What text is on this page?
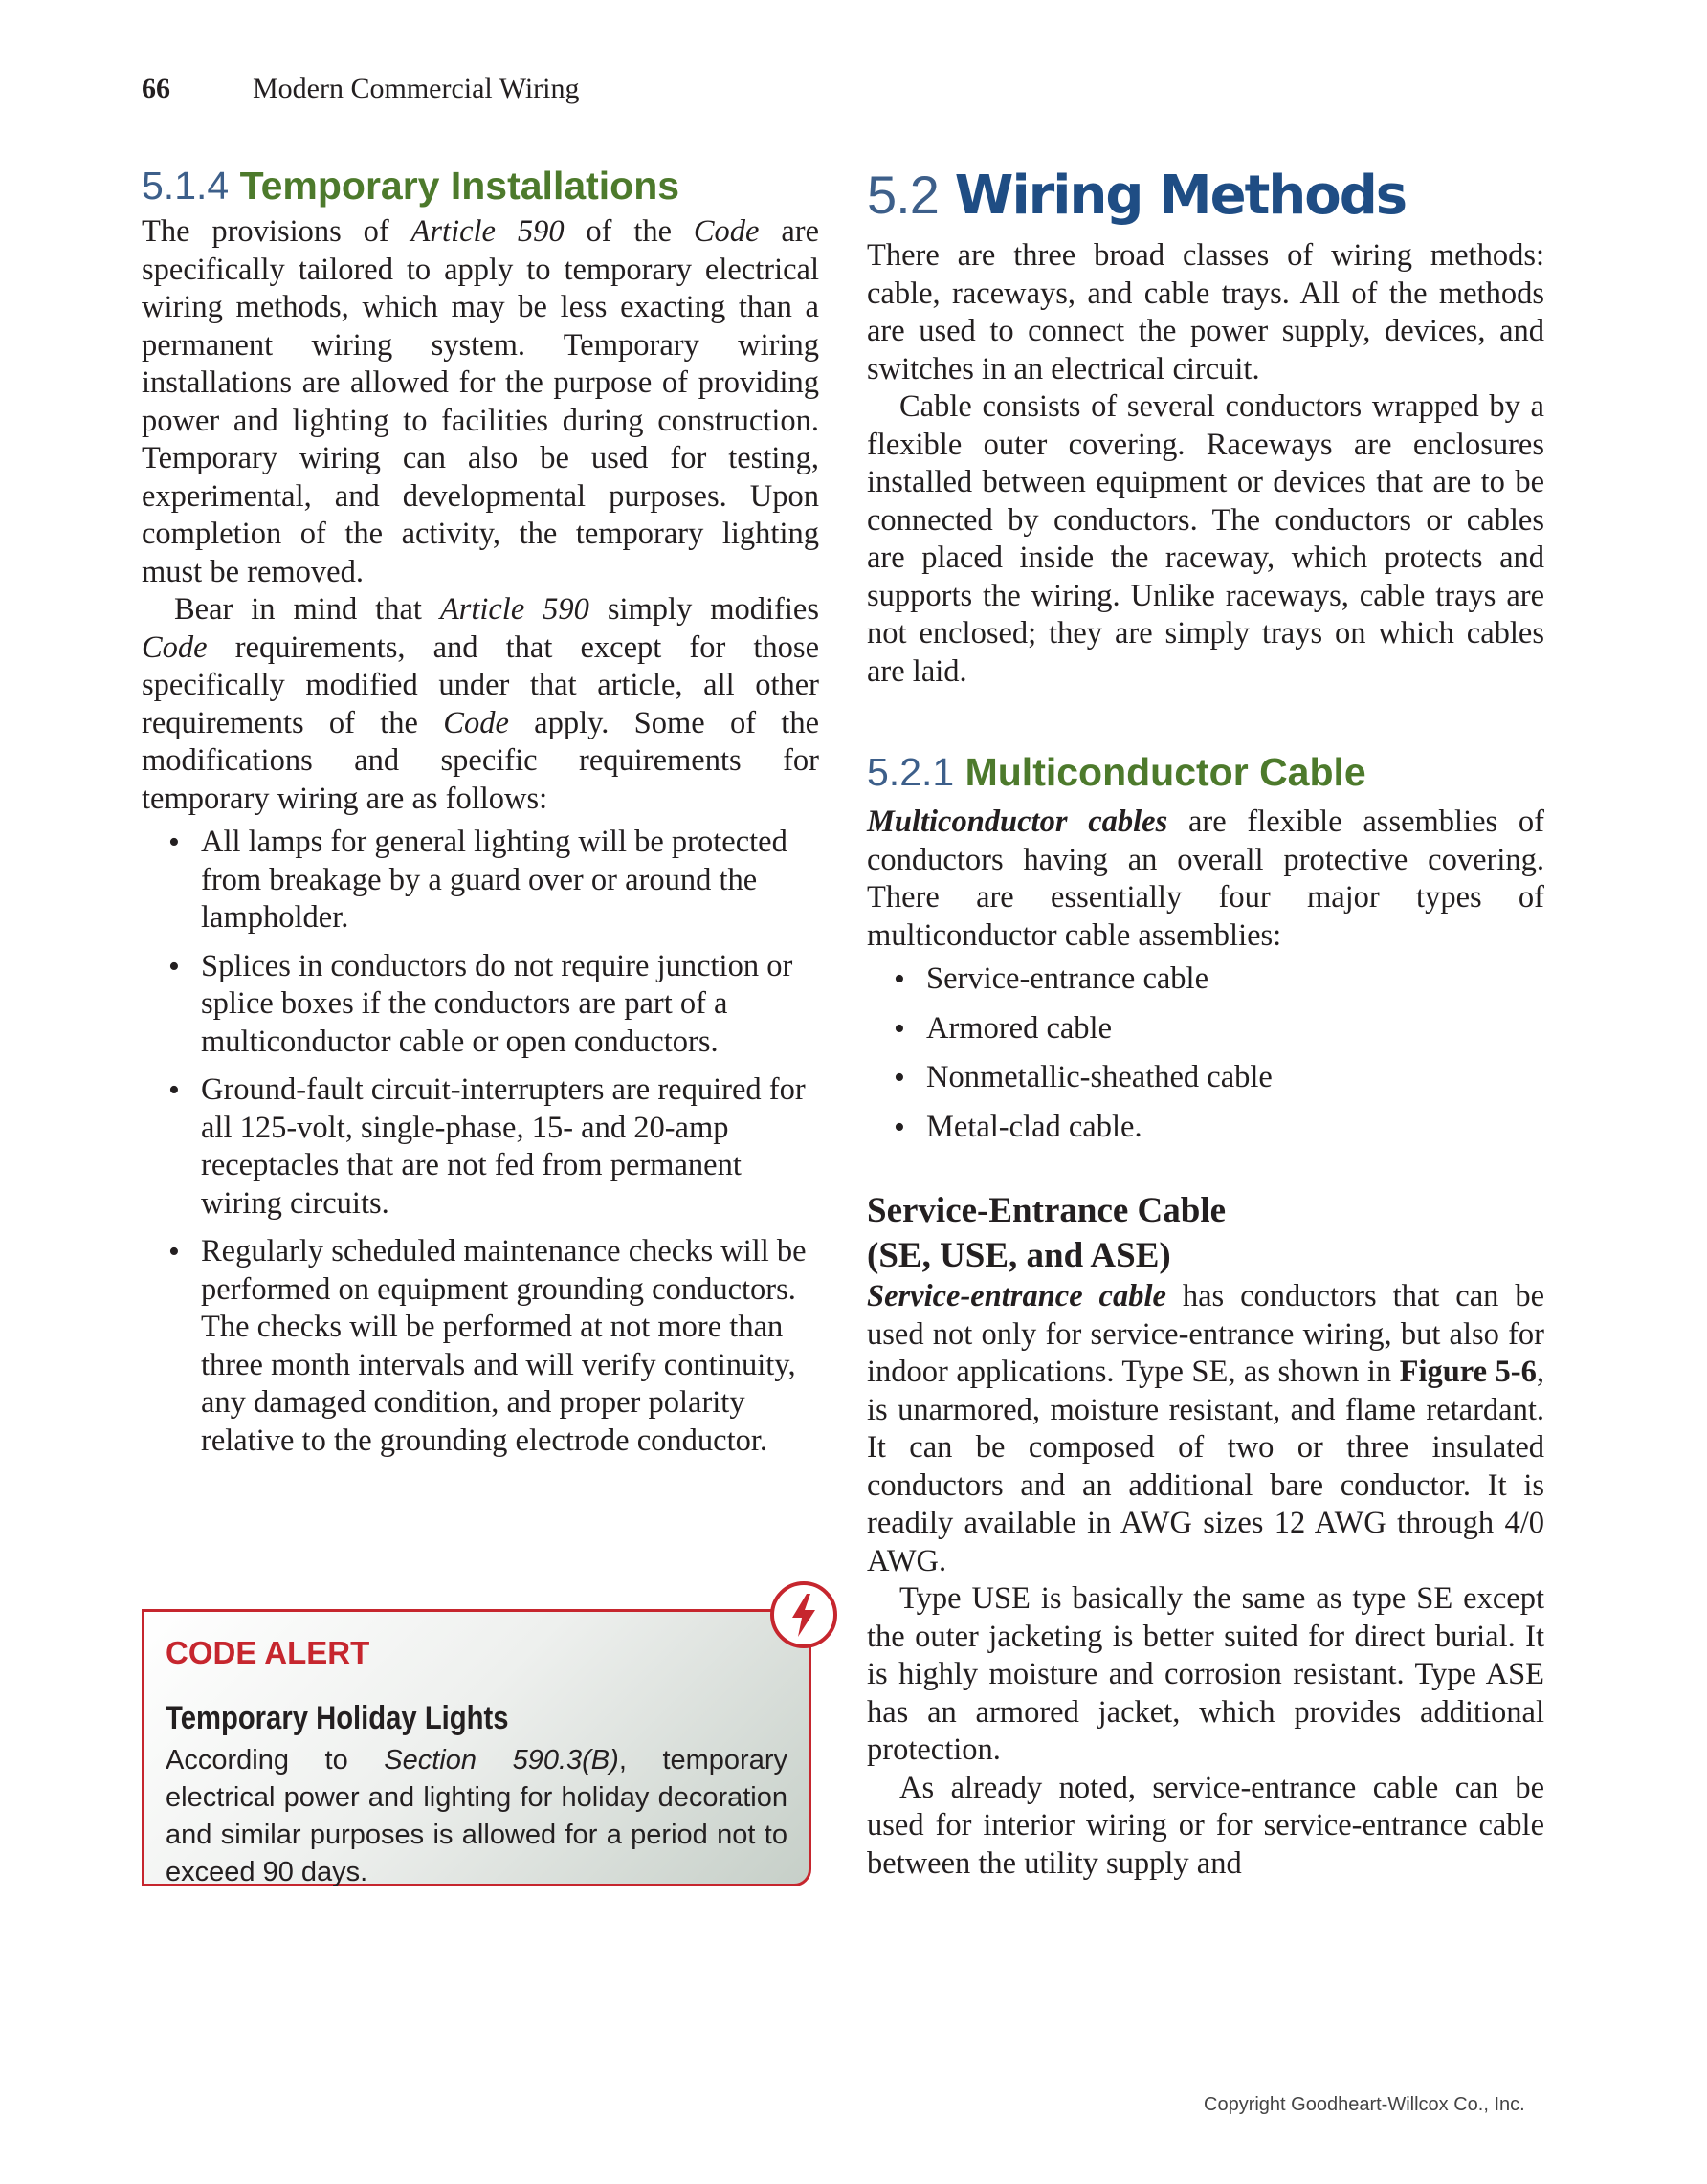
66	Modern Commercial Wiring
5.1.4 Temporary Installations

The provisions of Article 590 of the Code are specifically tailored to apply to temporary electrical wiring methods, which may be less exacting than a permanent wiring system. Temporary wiring installations are allowed for the purpose of providing power and lighting to facilities during construction. Temporary wiring can also be used for testing, experimental, and developmental purposes. Upon completion of the activity, the temporary lighting must be removed.

Bear in mind that Article 590 simply modifies Code requirements, and that except for those specifically modified under that article, all other requirements of the Code apply. Some of the modifications and specific requirements for temporary wiring are as follows:

• All lamps for general lighting will be protected from breakage by a guard over or around the lampholder.
• Splices in conductors do not require junction or splice boxes if the conductors are part of a multiconductor cable or open conductors.
• Ground-fault circuit-interrupters are required for all 125-volt, single-phase, 15- and 20-amp receptacles that are not fed from permanent wiring circuits.
• Regularly scheduled maintenance checks will be performed on equipment grounding conductors. The checks will be performed at not more than three month intervals and will verify continuity, any damaged condition, and proper polarity relative to the grounding electrode conductor.
CODE ALERT
Temporary Holiday Lights
According to Section 590.3(B), temporary electrical power and lighting for holiday decoration and similar purposes is allowed for a period not to exceed 90 days.
5.2 Wiring Methods

There are three broad classes of wiring methods: cable, raceways, and cable trays. All of the methods are used to connect the power supply, devices, and switches in an electrical circuit.

Cable consists of several conductors wrapped by a flexible outer covering. Raceways are enclosures installed between equipment or devices that are to be connected by conductors. The conductors or cables are placed inside the raceway, which protects and supports the wiring. Unlike raceways, cable trays are not enclosed; they are simply trays on which cables are laid.

5.2.1 Multiconductor Cable

Multiconductor cables are flexible assemblies of conductors having an overall protective covering. There are essentially four major types of multiconductor cable assemblies:

• Service-entrance cable
• Armored cable
• Nonmetallic-sheathed cable
• Metal-clad cable.
Service-Entrance Cable
(SE, USE, and ASE)

Service-entrance cable has conductors that can be used not only for service-entrance wiring, but also for indoor applications. Type SE, as shown in Figure 5-6, is unarmored, moisture resistant, and flame retardant. It can be composed of two or three insulated conductors and an additional bare conductor. It is readily available in AWG sizes 12 AWG through 4/0 AWG.

Type USE is basically the same as type SE except the outer jacketing is better suited for direct burial. It is highly moisture and corrosion resistant. Type ASE has an armored jacket, which provides additional protection.

As already noted, service-entrance cable can be used for interior wiring or for service-entrance cable between the utility supply and

Copyright Goodheart-Willcox Co., Inc.
